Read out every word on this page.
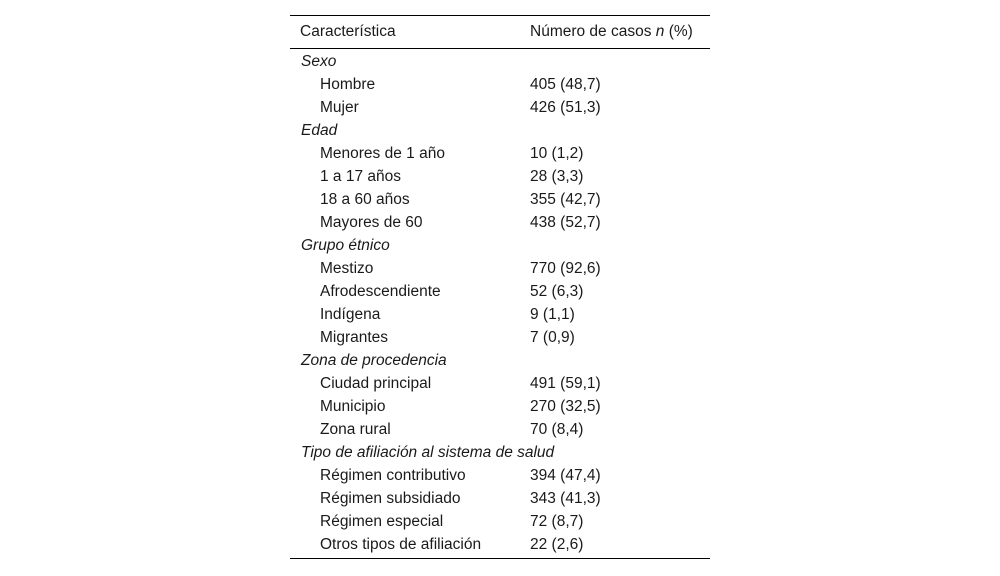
Característica	Número de casos n (%)
Sexo
Hombre	405 (48,7)
Mujer	426 (51,3)
Edad
Menores de 1 año	10 (1,2)
1 a 17 años	28 (3,3)
18 a 60 años	355 (42,7)
Mayores de 60	438 (52,7)
Grupo étnico
Mestizo	770 (92,6)
Afrodescendiente	52 (6,3)
Indígena	9 (1,1)
Migrantes	7 (0,9)
Zona de procedencia
Ciudad principal	491 (59,1)
Municipio	270 (32,5)
Zona rural	70 (8,4)
Tipo de afiliación al sistema de salud
Régimen contributivo	394 (47,4)
Régimen subsidiado	343 (41,3)
Régimen especial	72 (8,7)
Otros tipos de afiliación	22 (2,6)
